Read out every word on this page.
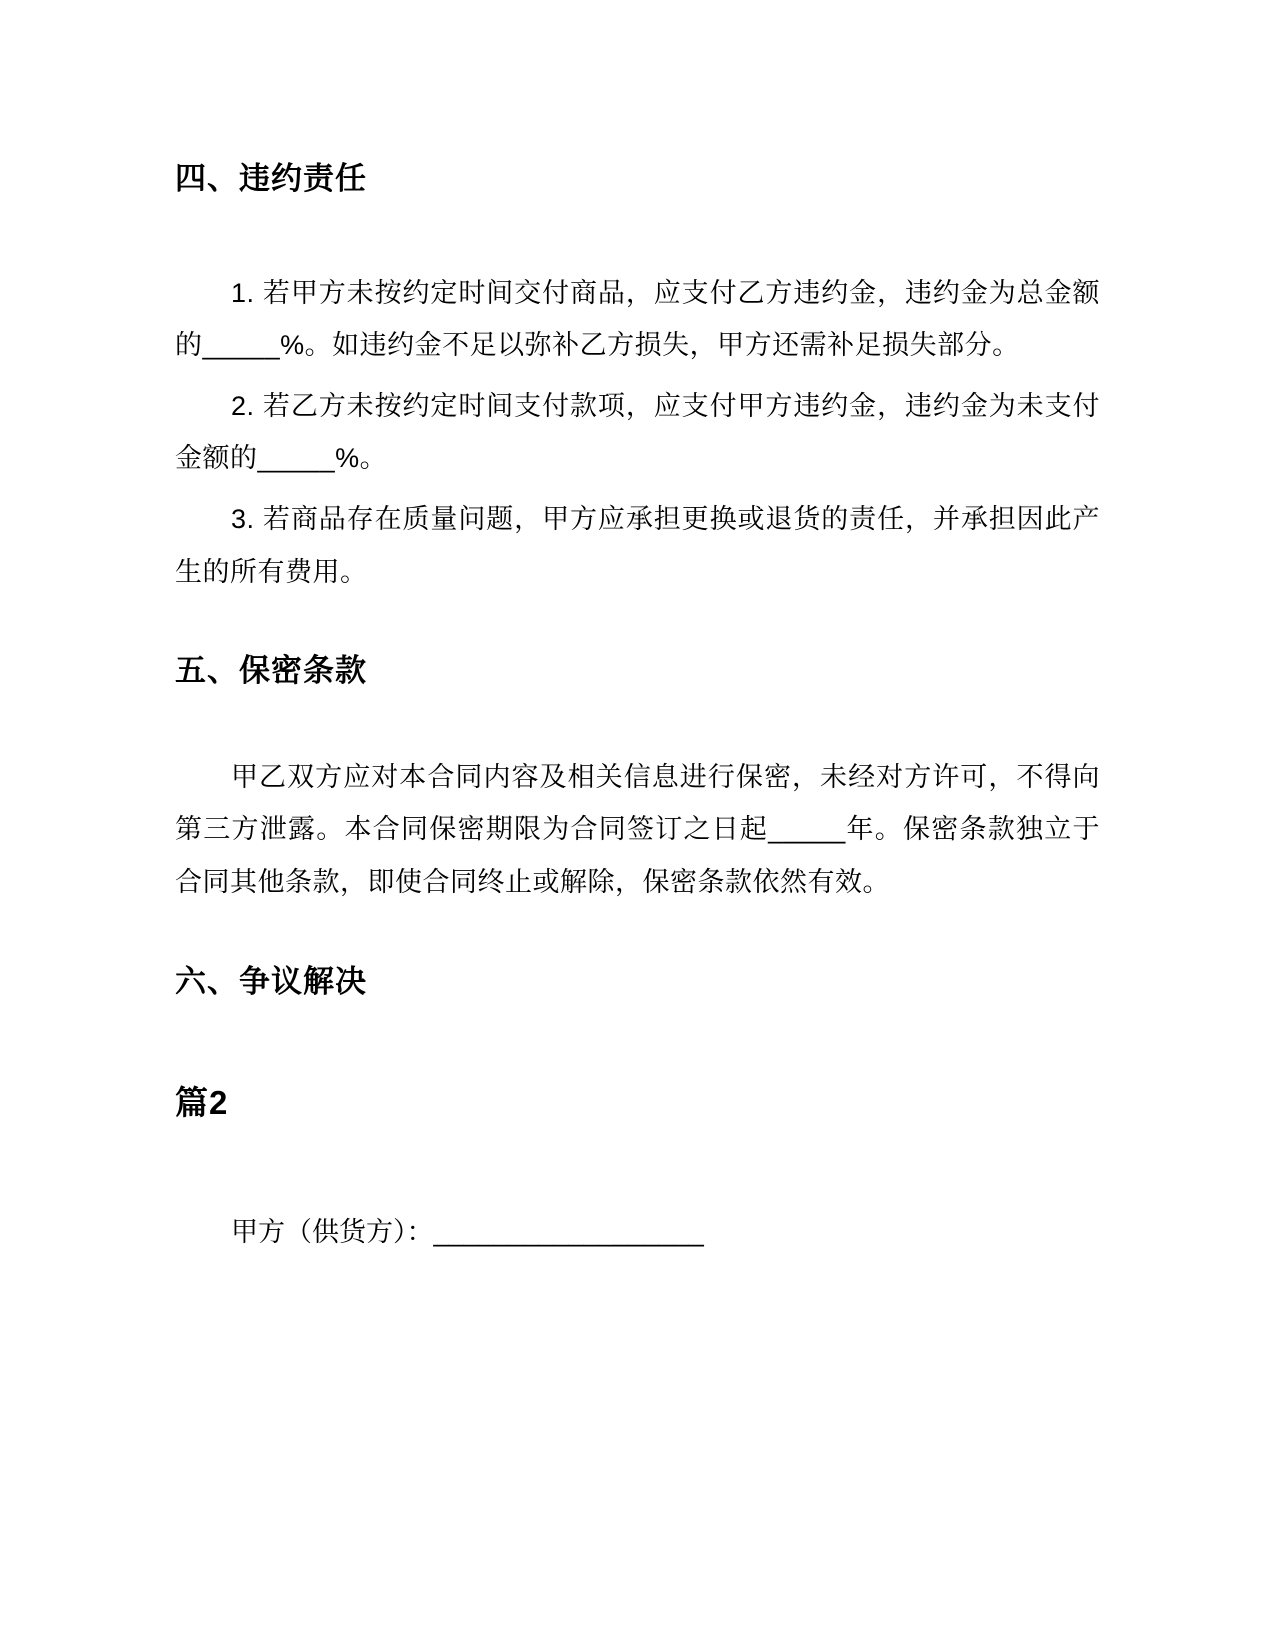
四、违约责任

1. 若甲方未按约定时间交付商品，应支付乙方违约金，违约金为总金额的_____%。如违约金不足以弥补乙方损失，甲方还需补足损失部分。

2. 若乙方未按约定时间支付款项，应支付甲方违约金，违约金为未支付金额的_____%。

3. 若商品存在质量问题，甲方应承担更换或退货的责任，并承担因此产生的所有费用。

五、保密条款

甲乙双方应对本合同内容及相关信息进行保密，未经对方许可，不得向第三方泄露。本合同保密期限为合同签订之日起_____年。保密条款独立于合同其他条款，即使合同终止或解除，保密条款依然有效。

六、争议解决
篇2

甲方（供货方）：__________________
